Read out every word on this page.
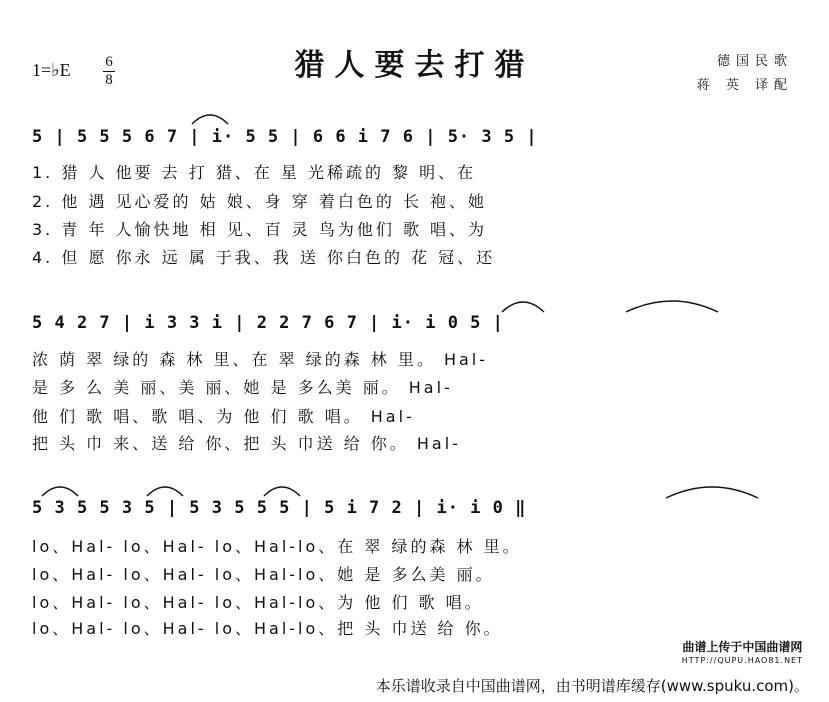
猎人要去打猎
1=♭E 6
8
德国民歌
蒋 英 译配
5 | 5 5 5 6 7 | i· 5 5 | 6 6 i 7 6 | 5· 3 5 |
1. 猎 人 他要 去 打 猎、在 星 光稀疏的 黎 明、在
2. 他 遇 见心爱的 姑 娘、身 穿 着白色的 长 袍、她
3. 青 年 人愉快地 相 见、百 灵 鸟为他们 歌 唱、为
4. 但 愿 你永 远 属 于我、我 送 你白色的 花 冠、还
5 4 2 7 | i 3 3 i | 2 2 7 6 7 | i· i 0 5 |
浓 荫 翠 绿的 森 林 里、在 翠 绿的森 林 里。 Hal-
是 多 么 美 丽、美 丽、她 是 多么美 丽。 Hal-
他 们 歌 唱、歌 唱、为 他 们 歌 唱。 Hal-
把 头 巾 来、送 给 你、把 头 巾送 给 你。 Hal-
5 3 5 5 3 5 | 5 3 5 5 5 | 5 i 7 2 | i· i 0 ‖
lo、Hal- lo、Hal- lo、Hal-lo、在 翠 绿的森 林 里。
lo、Hal- lo、Hal- lo、Hal-lo、她 是 多么美 丽。
lo、Hal- lo、Hal- lo、Hal-lo、为 他 们 歌 唱。
lo、Hal- lo、Hal- lo、Hal-lo、把 头 巾送 给 你。
曲谱上传于中国曲谱网
HTTP://QUPU.HAO81.NET
本乐谱收录自中国曲谱网，由书明谱库缓存(www.spuku.com)。
